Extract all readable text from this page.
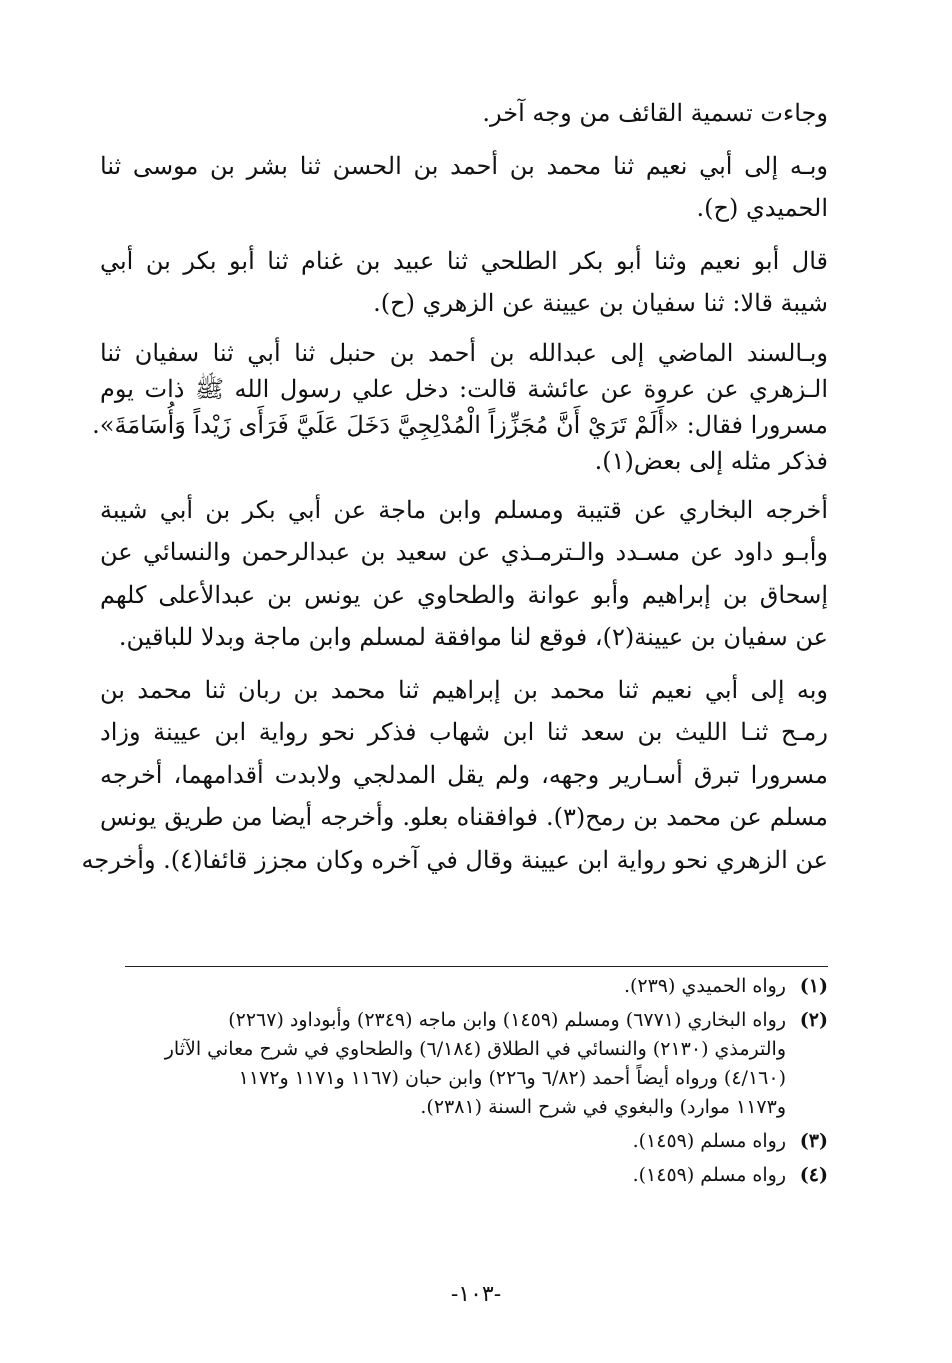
وجاءت تسمية القائف من وجه آخر.
وبـه إلى أبي نعيم ثنا محمد بن أحمد بن الحسن ثنا بشر بن موسى ثنا
الحميدي (ح).
قال أبو نعيم وثنا أبو بكر الطلحي ثنا عبيد بن غنام ثنا أبو بكر بن أبي
شيبة قالا: ثنا سفيان بن عيينة عن الزهري (ح).
وبـالسند الماضي إلى عبدالله بن أحمد بن حنبل ثنا أبي ثنا سفيان ثنا
الـزهري عن عروة عن عائشة قالت: دخل علي رسول الله ﷺ ذات يوم
مسرورا فقال: «أَلَمْ تَرَيْ أَنَّ مُجَزِّزاً الْمُدْلِجِيَّ دَخَلَ عَلَيَّ فَرَأَى زَيْداً وَأُسَامَةَ».
فذكر مثله إلى بعض(١).
أخرجه البخاري عن قتيبة ومسلم وابن ماجة عن أبي بكر بن أبي شيبة
وأبـو داود عن مسـدد والـترمـذي عن سعيد بن عبدالرحمن والنسائي عن
إسحاق بن إبراهيم وأبو عوانة والطحاوي عن يونس بن عبدالأعلى كلهم
عن سفيان بن عيينة(٢)، فوقع لنا موافقة لمسلم وابن ماجة وبدلا للباقين.
وبه إلى أبي نعيم ثنا محمد بن إبراهيم ثنا محمد بن ربان ثنا محمد بن
رمـح ثنـا الليث بن سعد ثنا ابن شهاب فذكر نحو رواية ابن عيينة وزاد
مسرورا تبرق أسـارير وجهه، ولم يقل المدلجي ولابدت أقدامهما، أخرجه
مسلم عن محمد بن رمح(٣). فوافقناه بعلو. وأخرجه أيضا من طريق يونس
عن الزهري نحو رواية ابن عيينة وقال في آخره وكان مجزز قائفا(٤). وأخرجه
(١)
رواه الحميدي (٢٣٩).
(٢)
رواه البخاري (٦٧٧١) ومسلم (١٤٥٩) وابن ماجه (٢٣٤٩) وأبوداود (٢٢٦٧)
والترمذي (٢١٣٠) والنسائي في الطلاق (٦/١٨٤) والطحاوي في شرح معاني الآثار
(٤/١٦٠) ورواه أيضاً أحمد (٦/٨٢ و٢٢٦) وابن حبان (١١٦٧ و١١٧١ و١١٧٢
و١١٧٣ موارد) والبغوي في شرح السنة (٢٣٨١).
(٣)
رواه مسلم (١٤٥٩).
(٤)
رواه مسلم (١٤٥٩).
-١٠٣-
